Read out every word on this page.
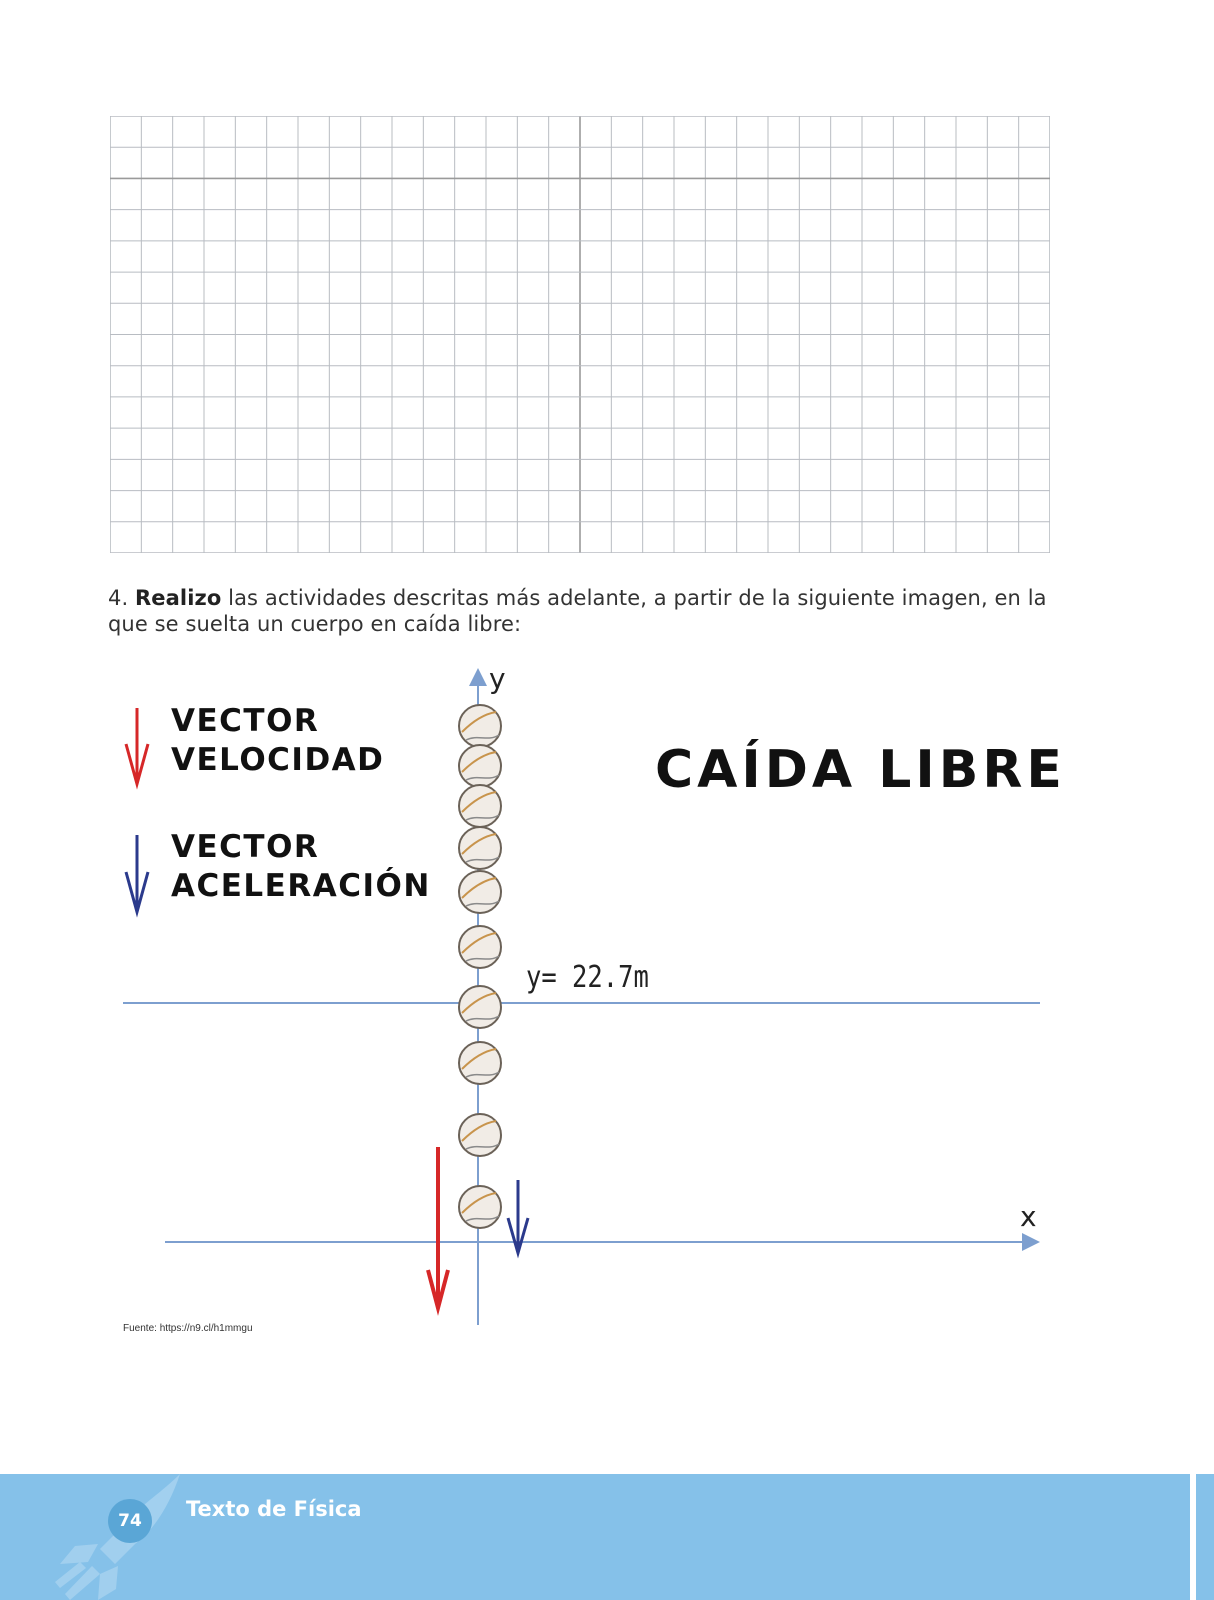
4. Realizo las actividades descritas más adelante, a partir de la siguiente imagen, en la que se suelta un cuerpo en caída libre:
VECTOR
VELOCIDAD
VECTOR
ACELERACIÓN
CAÍDA LIBRE
y= 22.7m
y
x
Fuente: https://n9.cl/h1mmgu
74	Texto de Física
